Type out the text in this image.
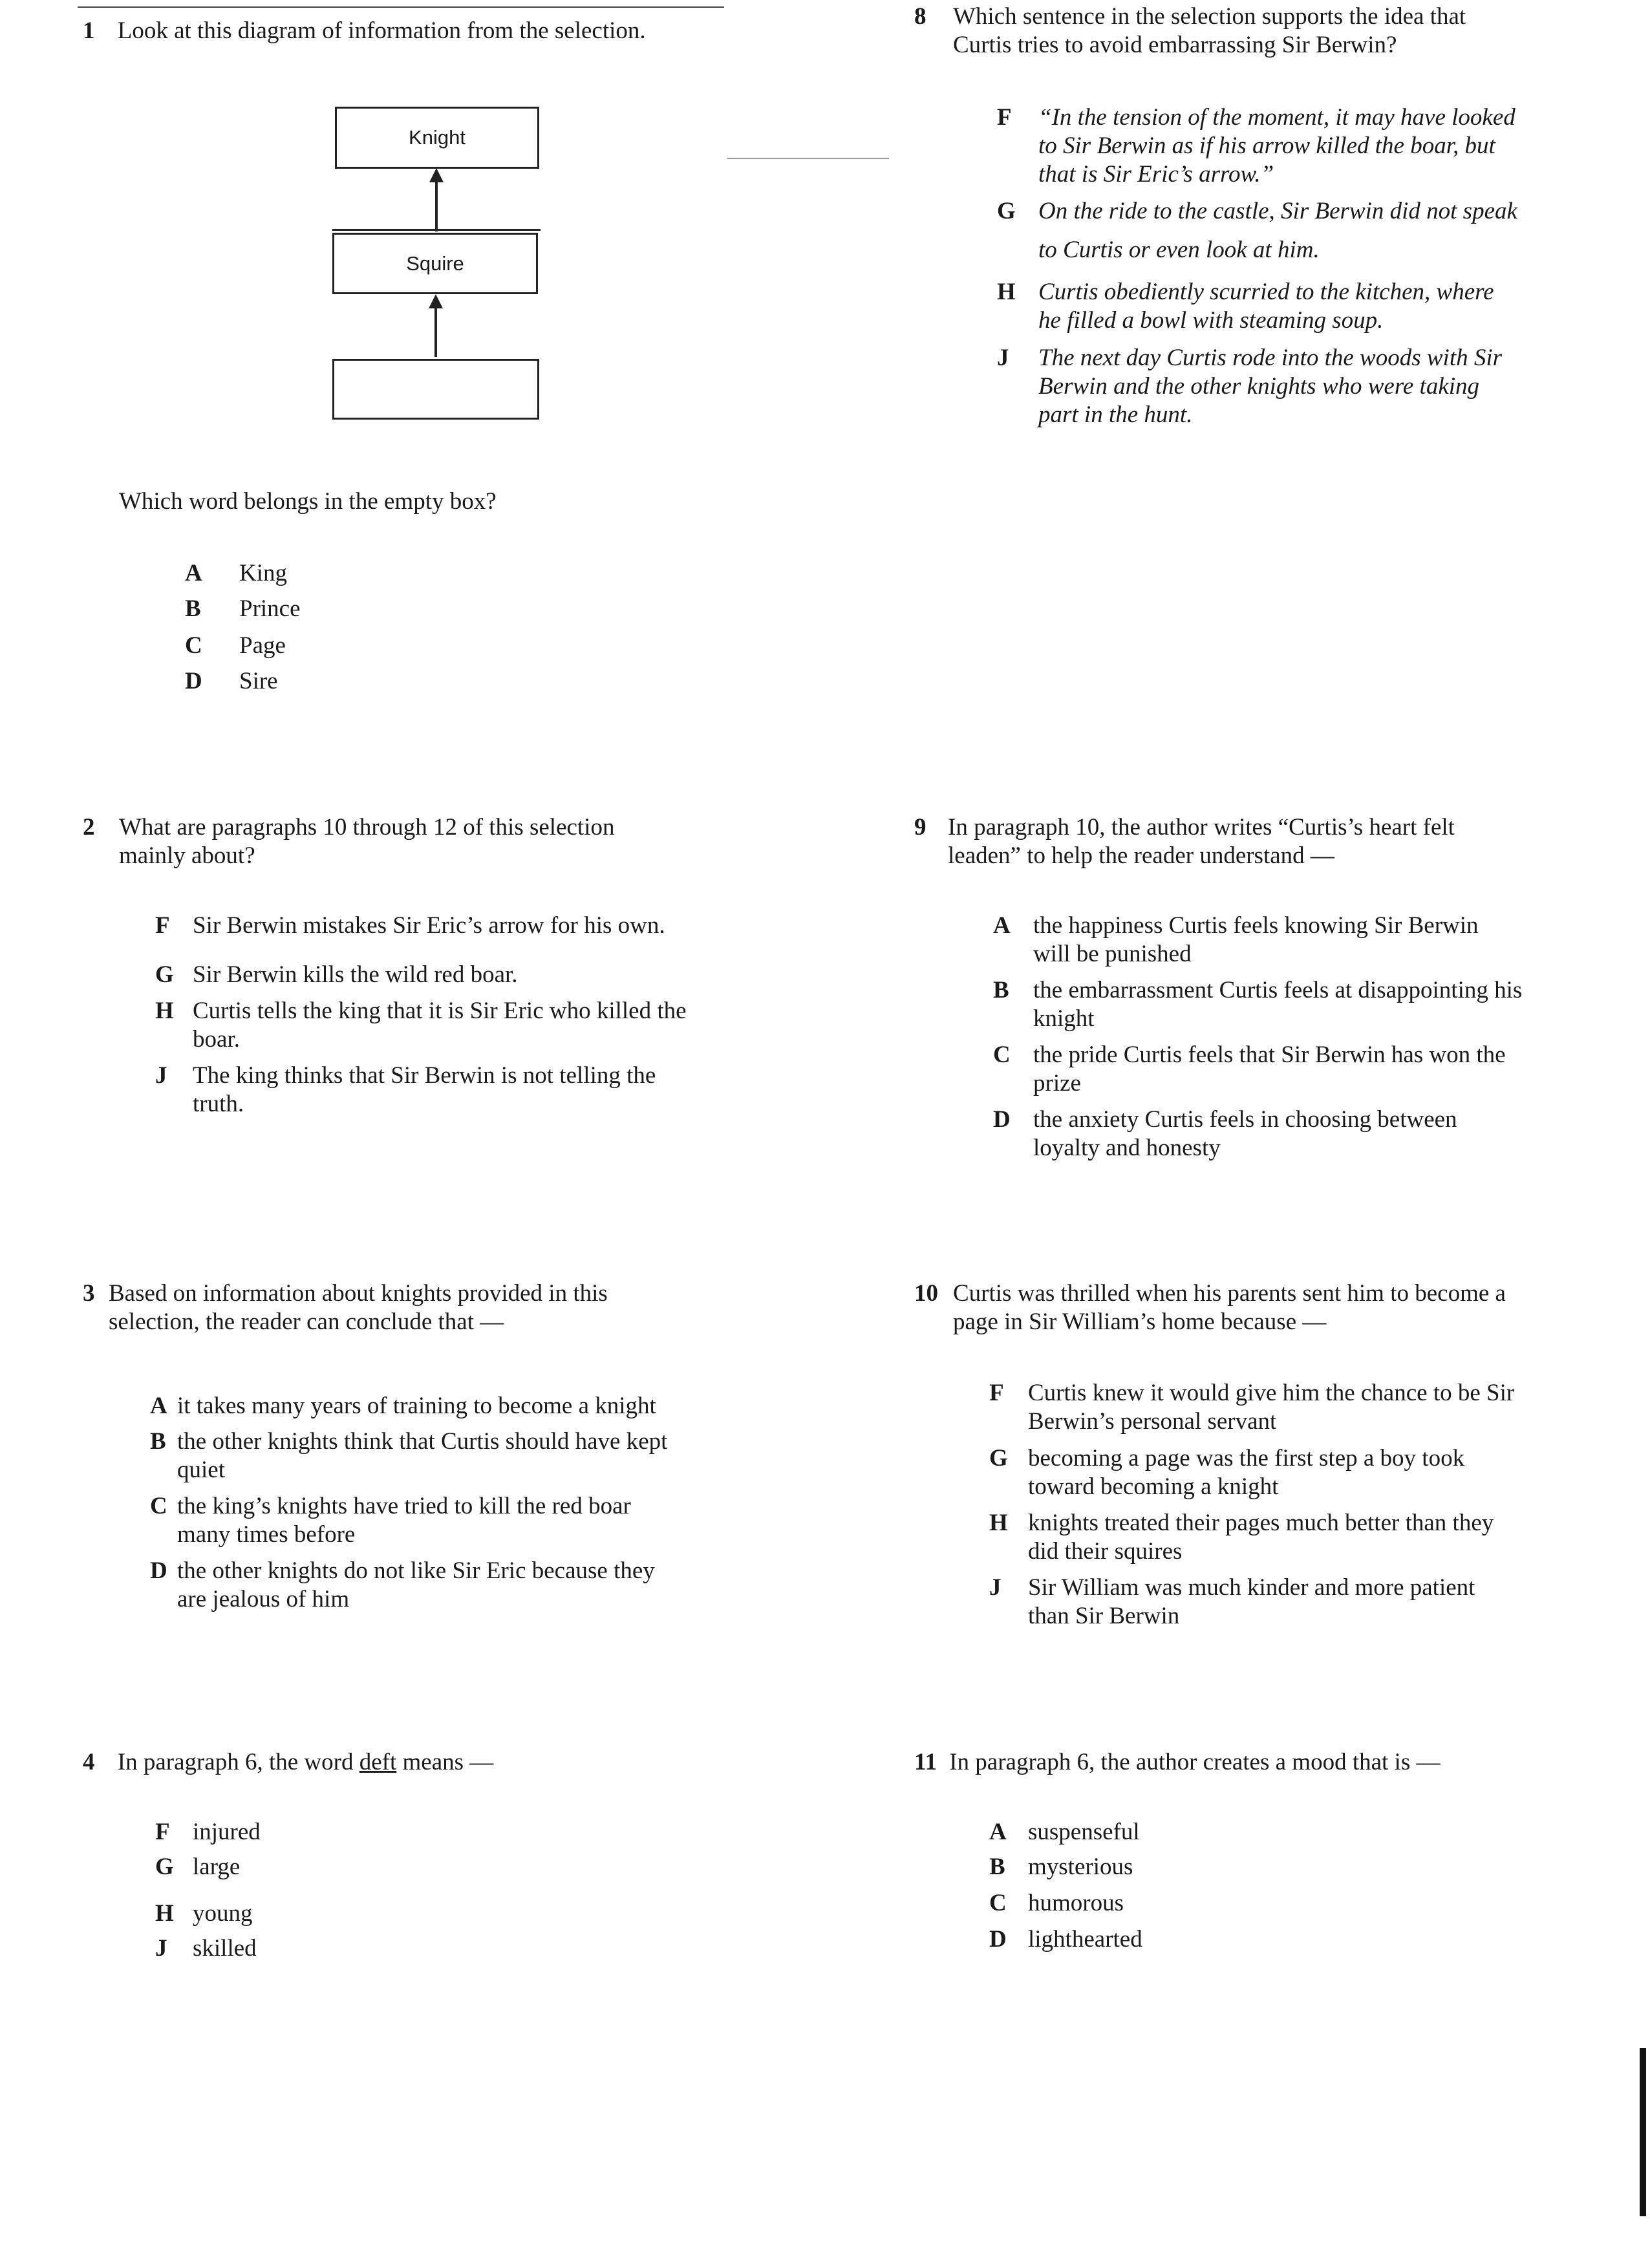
1 Look at this diagram of information from the selection.
Knight
Squire
Which word belongs in the empty box?
A King
B Prince
C Page
D Sire
2 What are paragraphs 10 through 12 of this selection
mainly about?
F Sir Berwin mistakes Sir Eric’s arrow for his own.
G Sir Berwin kills the wild red boar.
H Curtis tells the king that it is Sir Eric who killed the
boar.
J The king thinks that Sir Berwin is not telling the
truth.
3 Based on information about knights provided in this
selection, the reader can conclude that —
A it takes many years of training to become a knight
B the other knights think that Curtis should have kept
quiet
C the king’s knights have tried to kill the red boar
many times before
D the other knights do not like Sir Eric because they
are jealous of him
4 In paragraph 6, the word deft means —
F injured
G large
H young
J skilled
8 Which sentence in the selection supports the idea that
Curtis tries to avoid embarrassing Sir Berwin?
F “In the tension of the moment, it may have looked
to Sir Berwin as if his arrow killed the boar, but
that is Sir Eric’s arrow.”
G On the ride to the castle, Sir Berwin did not speak
to Curtis or even look at him.
H Curtis obediently scurried to the kitchen, where
he filled a bowl with steaming soup.
J The next day Curtis rode into the woods with Sir
Berwin and the other knights who were taking
part in the hunt.
9 In paragraph 10, the author writes “Curtis’s heart felt
leaden” to help the reader understand —
A the happiness Curtis feels knowing Sir Berwin
will be punished
B the embarrassment Curtis feels at disappointing his
knight
C the pride Curtis feels that Sir Berwin has won the
prize
D the anxiety Curtis feels in choosing between
loyalty and honesty
10 Curtis was thrilled when his parents sent him to become a
page in Sir William’s home because —
F Curtis knew it would give him the chance to be Sir
Berwin’s personal servant
G becoming a page was the first step a boy took
toward becoming a knight
H knights treated their pages much better than they
did their squires
J Sir William was much kinder and more patient
than Sir Berwin
11 In paragraph 6, the author creates a mood that is —
A suspenseful
B mysterious
C humorous
D lighthearted
